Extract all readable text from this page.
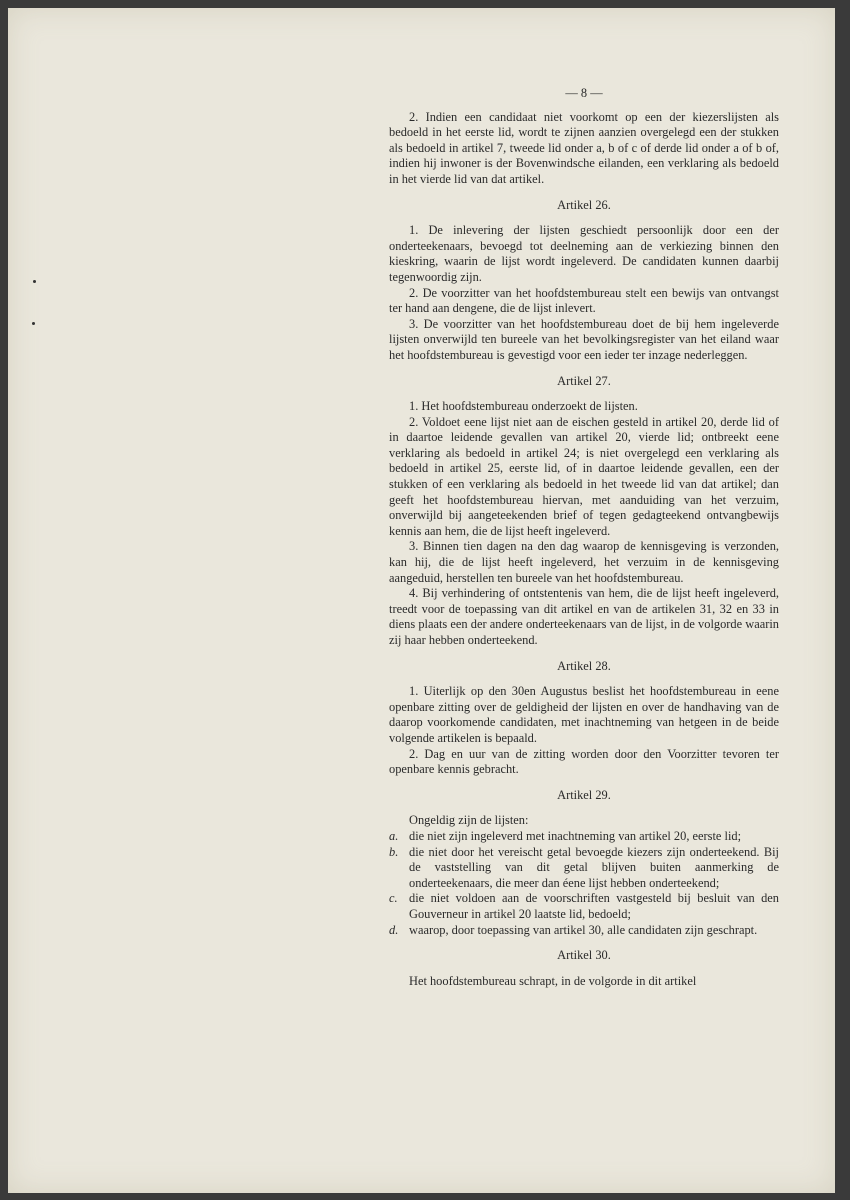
— 8 —
2. Indien een candidaat niet voorkomt op een der kiezerslijsten als bedoeld in het eerste lid, wordt te zijnen aanzien overgelegd een der stukken als bedoeld in artikel 7, tweede lid onder a, b of c of derde lid onder a of b of, indien hij inwoner is der Bovenwindsche eilanden, een verklaring als bedoeld in het vierde lid van dat artikel.
Artikel 26.
1. De inlevering der lijsten geschiedt persoonlijk door een der onderteekenaars, bevoegd tot deelneming aan de verkiezing binnen den kieskring, waarin de lijst wordt ingeleverd. De candidaten kunnen daarbij tegenwoordig zijn.
2. De voorzitter van het hoofdstembureau stelt een bewijs van ontvangst ter hand aan dengene, die de lijst inlevert.
3. De voorzitter van het hoofdstembureau doet de bij hem ingeleverde lijsten onverwijld ten bureele van het bevolkingsregister van het eiland waar het hoofdstembureau is gevestigd voor een ieder ter inzage nederleggen.
Artikel 27.
1. Het hoofdstembureau onderzoekt de lijsten.
2. Voldoet eene lijst niet aan de eischen gesteld in artikel 20, derde lid of in daartoe leidende gevallen van artikel 20, vierde lid; ontbreekt eene verklaring als bedoeld in artikel 24; is niet overgelegd een verklaring als bedoeld in artikel 25, eerste lid, of in daartoe leidende gevallen, een der stukken of een verklaring als bedoeld in het tweede lid van dat artikel; dan geeft het hoofdstembureau hiervan, met aanduiding van het verzuim, onverwijld bij aangeteekenden brief of tegen gedagteekend ontvangbewijs kennis aan hem, die de lijst heeft ingeleverd.
3. Binnen tien dagen na den dag waarop de kennisgeving is verzonden, kan hij, die de lijst heeft ingeleverd, het verzuim in de kennisgeving aangeduid, herstellen ten bureele van het hoofdstembureau.
4. Bij verhindering of ontstentenis van hem, die de lijst heeft ingeleverd, treedt voor de toepassing van dit artikel en van de artikelen 31, 32 en 33 in diens plaats een der andere onderteekenaars van de lijst, in de volgorde waarin zij haar hebben onderteekend.
Artikel 28.
1. Uiterlijk op den 30en Augustus beslist het hoofdstembureau in eene openbare zitting over de geldigheid der lijsten en over de handhaving van de daarop voorkomende candidaten, met inachtneming van hetgeen in de beide volgende artikelen is bepaald.
2. Dag en uur van de zitting worden door den Voorzitter tevoren ter openbare kennis gebracht.
Artikel 29.
Ongeldig zijn de lijsten:
a. die niet zijn ingeleverd met inachtneming van artikel 20, eerste lid;
b. die niet door het vereischt getal bevoegde kiezers zijn onderteekend. Bij de vaststelling van dit getal blijven buiten aanmerking de onderteekenaars, die meer dan éene lijst hebben onderteekend;
c. die niet voldoen aan de voorschriften vastgesteld bij besluit van den Gouverneur in artikel 20 laatste lid, bedoeld;
d. waarop, door toepassing van artikel 30, alle candidaten zijn geschrapt.
Artikel 30.
Het hoofdstembureau schrapt, in de volgorde in dit artikel
